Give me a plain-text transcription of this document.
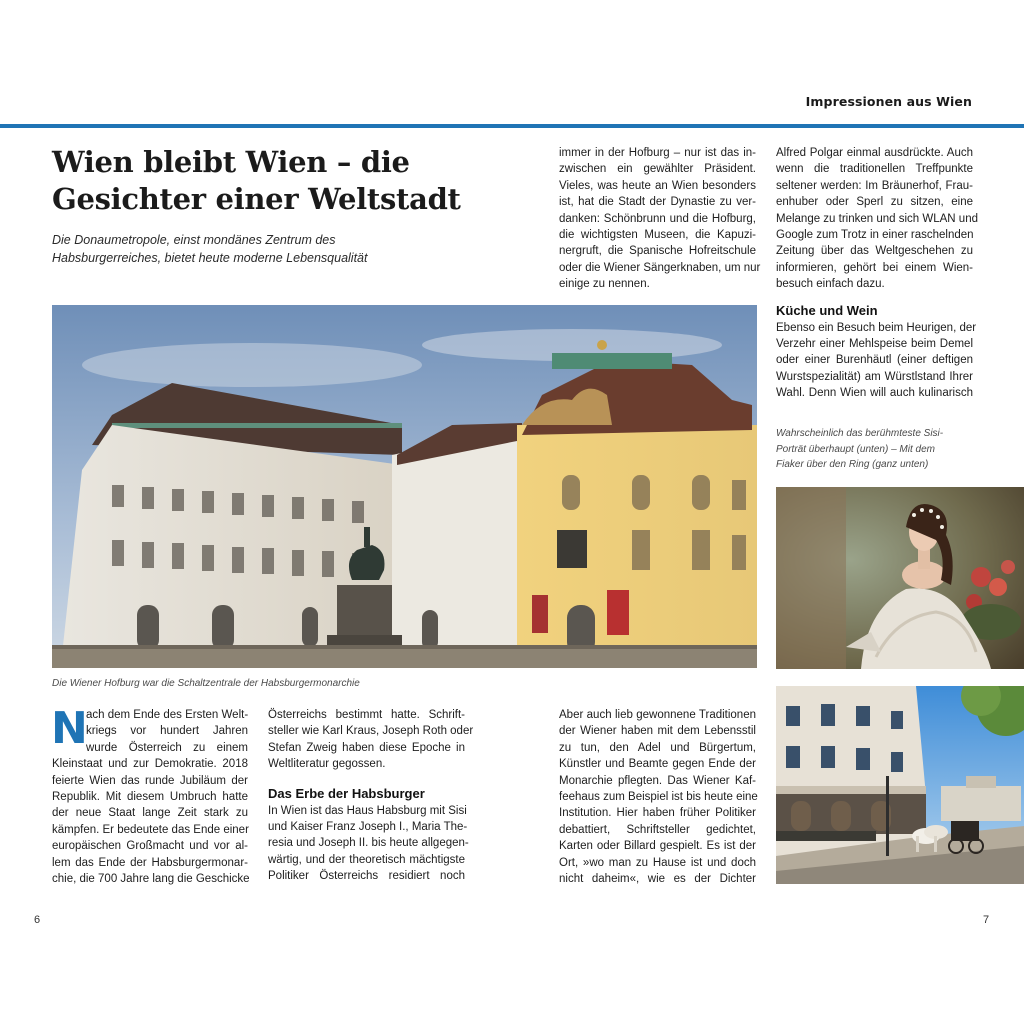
Impressionen aus Wien
Wien bleibt Wien – die
Gesichter einer Weltstadt
Die Donaumetropole, einst mondänes Zentrum des
Habsburgerreiches, bietet heute moderne Lebensqualität
immer in der Hofburg – nur ist das in-
zwischen ein gewählter Präsident.
Vieles, was heute an Wien besonders
ist, hat die Stadt der Dynastie zu ver-
danken: Schönbrunn und die Hofburg,
die wichtigsten Museen, die Kapuzi-
nergruft, die Spanische Hofreitschule
oder die Wiener Sängerknaben, um nur
einige zu nennen.
Alfred Polgar einmal ausdrückte. Auch
wenn die traditionellen Treffpunkte
seltener werden: Im Bräunerhof, Frau-
enhuber oder Sperl zu sitzen, eine
Melange zu trinken und sich WLAN und
Google zum Trotz in einer raschelnden
Zeitung über das Weltgeschehen zu
informieren, gehört bei einem Wien-
besuch einfach dazu.
Küche und Wein
Ebenso ein Besuch beim Heurigen, der
Verzehr einer Mehlspeise beim Demel
oder einer Burenhäutl (einer deftigen
Wurstspezialität) am Würstlstand Ihrer
Wahl. Denn Wien will auch kulinarisch
Wahrscheinlich das berühmteste Sisi-
Porträt überhaupt (unten) – Mit dem
Fiaker über den Ring (ganz unten)
Die Wiener Hofburg war die Schaltzentrale der Habsburgermonarchie
N
ach dem Ende des Ersten Welt-
kriegs vor hundert Jahren
wurde Österreich zu einem
Kleinstaat und zur Demokratie. 2018
feierte Wien das runde Jubiläum der
Republik. Mit diesem Umbruch hatte
der neue Staat lange Zeit stark zu
kämpfen. Er bedeutete das Ende einer
europäischen Großmacht und vor al-
lem das Ende der Habsburgermonar-
chie, die 700 Jahre lang die Geschicke
Österreichs bestimmt hatte. Schrift-
steller wie Karl Kraus, Joseph Roth oder
Stefan Zweig haben diese Epoche in
Weltliteratur gegossen.
Das Erbe der Habsburger
In Wien ist das Haus Habsburg mit Sisi
und Kaiser Franz Joseph I., Maria The-
resia und Joseph II. bis heute allgegen-
wärtig, und der theoretisch mächtigste
Politiker Österreichs residiert noch
Aber auch lieb gewonnene Traditionen
der Wiener haben mit dem Lebensstil
zu tun, den Adel und Bürgertum,
Künstler und Beamte gegen Ende der
Monarchie pflegten. Das Wiener Kaf-
feehaus zum Beispiel ist bis heute eine
Institution. Hier haben früher Politiker
debattiert, Schriftsteller gedichtet,
Karten oder Billard gespielt. Es ist der
Ort, »wo man zu Hause ist und doch
nicht daheim«, wie es der Dichter
6	7
